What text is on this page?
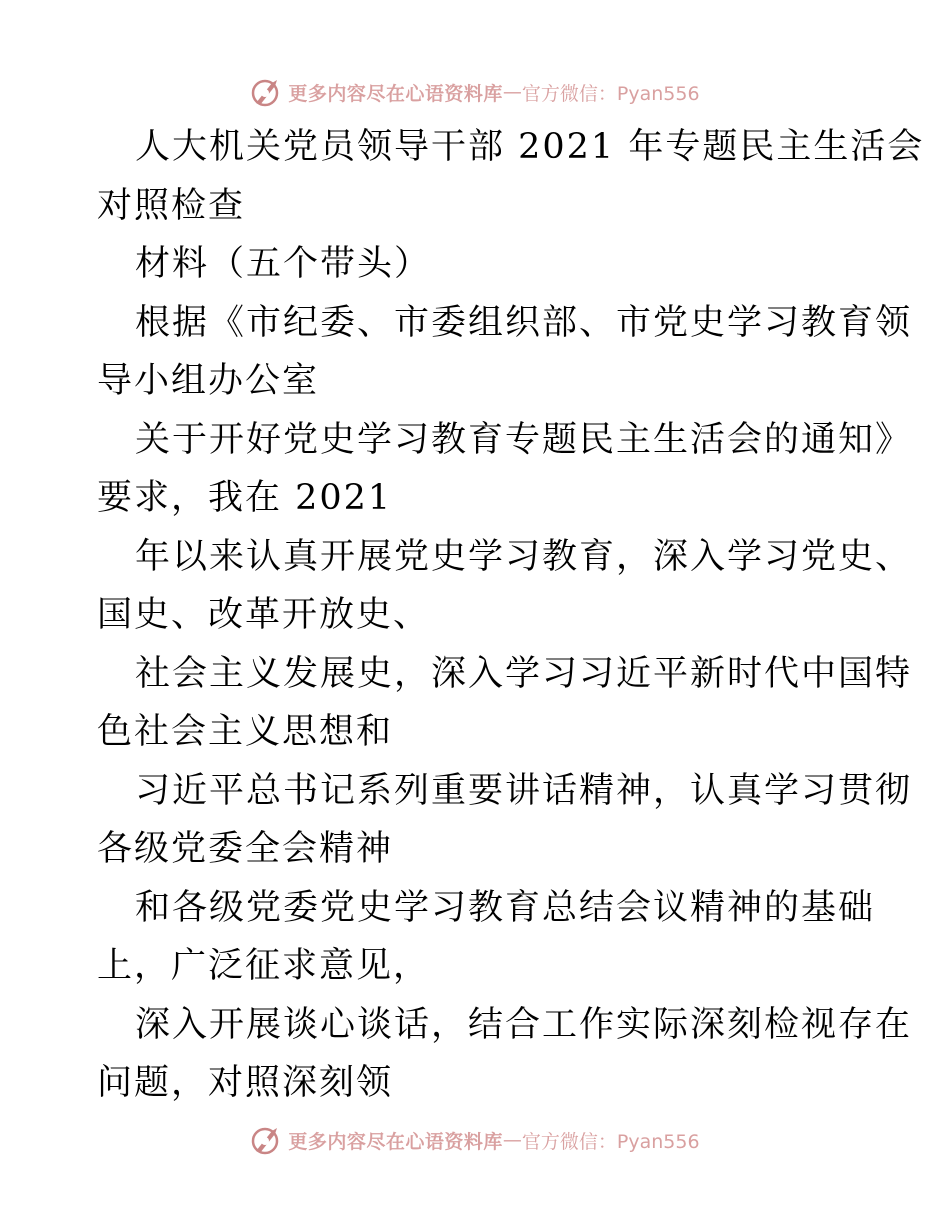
更多内容尽在心语资料库 — 官方微信：Pyan556
人大机关党员领导干部 2021 年专题民主生活会
对照检查
材料（五个带头）
根据《市纪委、市委组织部、市党史学习教育领
导小组办公室
关于开好党史学习教育专题民主生活会的通知》
要求，我在 2021
年以来认真开展党史学习教育，深入学习党史、
国史、改革开放史、
社会主义发展史，深入学习习近平新时代中国特
色社会主义思想和
习近平总书记系列重要讲话精神，认真学习贯彻
各级党委全会精神
和各级党委党史学习教育总结会议精神的基础
上，广泛征求意见，
深入开展谈心谈话，结合工作实际深刻检视存在
问题，对照深刻领
更多内容尽在心语资料库 — 官方微信：Pyan556
